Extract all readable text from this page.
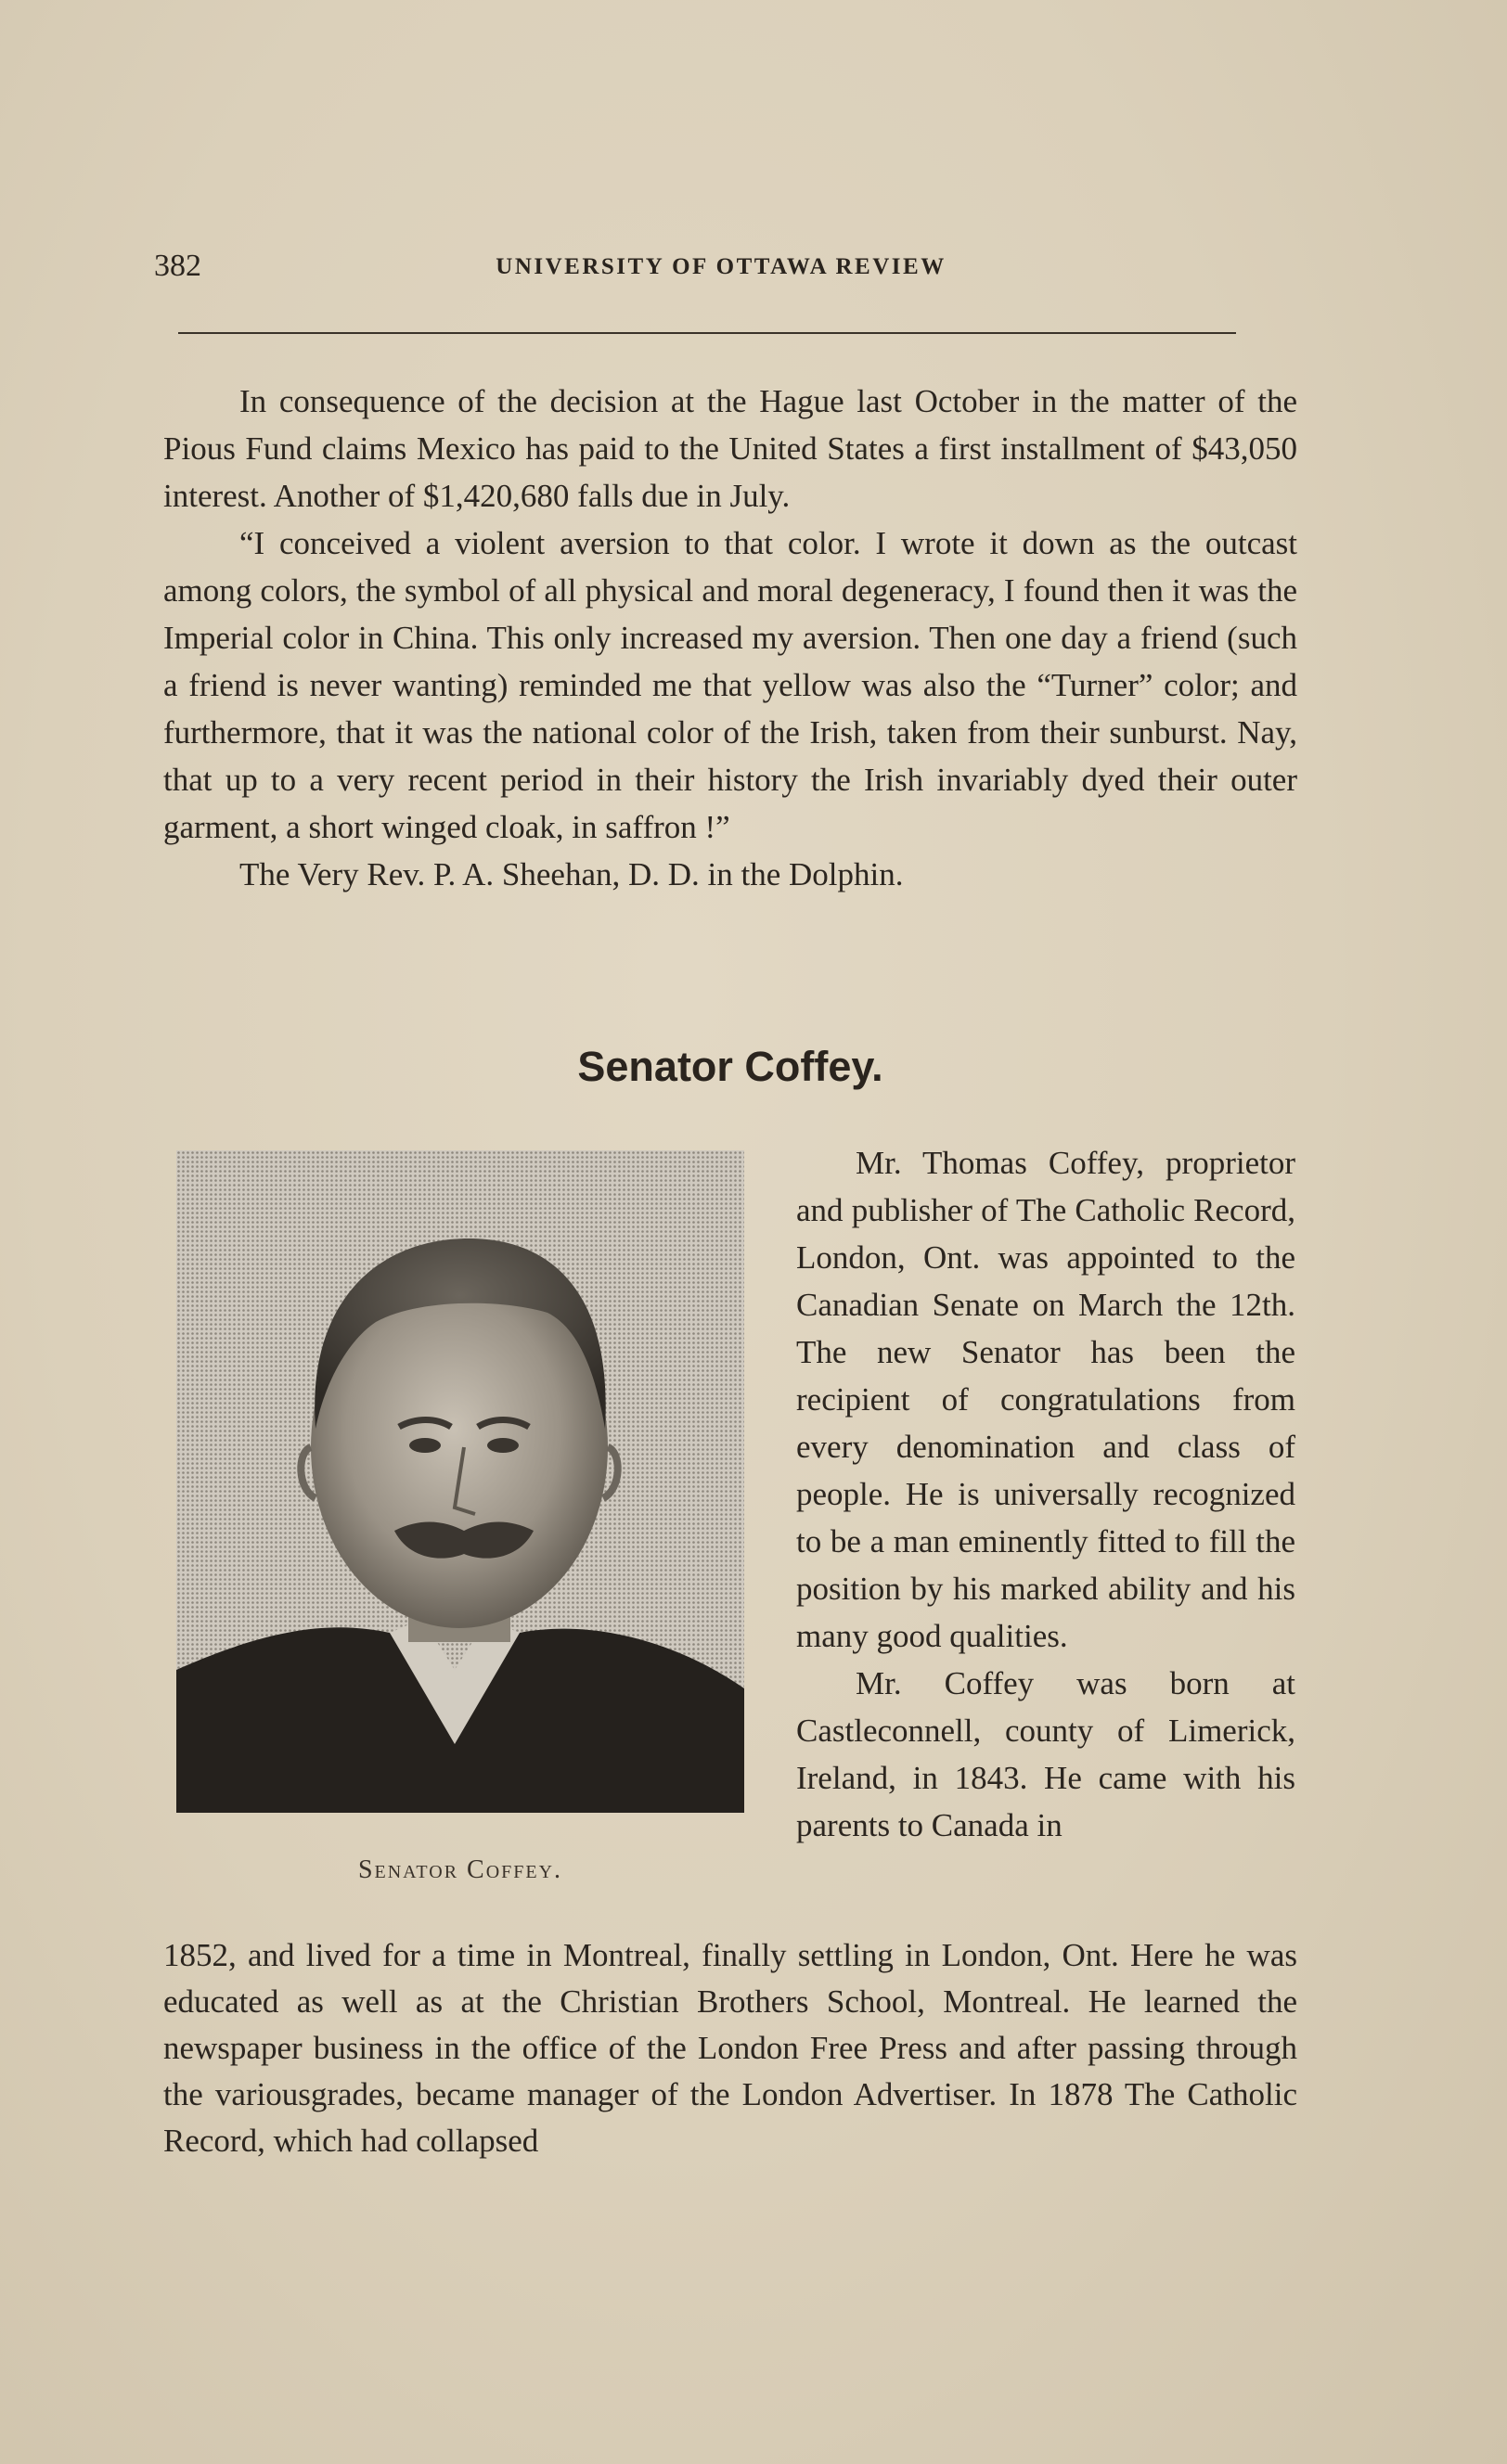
382	UNIVERSITY OF OTTAWA REVIEW

In consequence of the decision at the Hague last October in the matter of the Pious Fund claims Mexico has paid to the United States a first installment of $43,050 interest. Another of $1,420,680 falls due in July.

“I conceived a violent aversion to that color. I wrote it down as the outcast among colors, the symbol of all physical and moral degeneracy, I found then it was the Imperial color in China. This only increased my aversion. Then one day a friend (such a friend is never wanting) reminded me that yellow was also the “Turner” color; and furthermore, that it was the national color of the Irish, taken from their sunburst. Nay, that up to a very recent period in their history the Irish invariably dyed their outer garment, a short winged cloak, in saffron !”

The Very Rev. P. A. Sheehan, D. D. in the Dolphin.

Senator Coffey.
Senator Coffey.

Mr. Thomas Coffey, proprietor and publisher of The Catholic Record, London, Ont. was appointed to the Canadian Senate on March the 12th. The new Senator has been the recipient of congratulations from every denomination and class of people. He is universally recognized to be a man eminently fitted to fill the position by his marked ability and his many good qualities.

Mr. Coffey was born at Castleconnell, county of Limerick, Ireland, in 1843. He came with his parents to Canada in

1852, and lived for a time in Montreal, finally settling in London, Ont. Here he was educated as well as at the Christian Brothers School, Montreal. He learned the newspaper business in the office of the London Free Press and after passing through the variousgrades, became manager of the London Advertiser. In 1878 The Catholic Record, which had collapsed
